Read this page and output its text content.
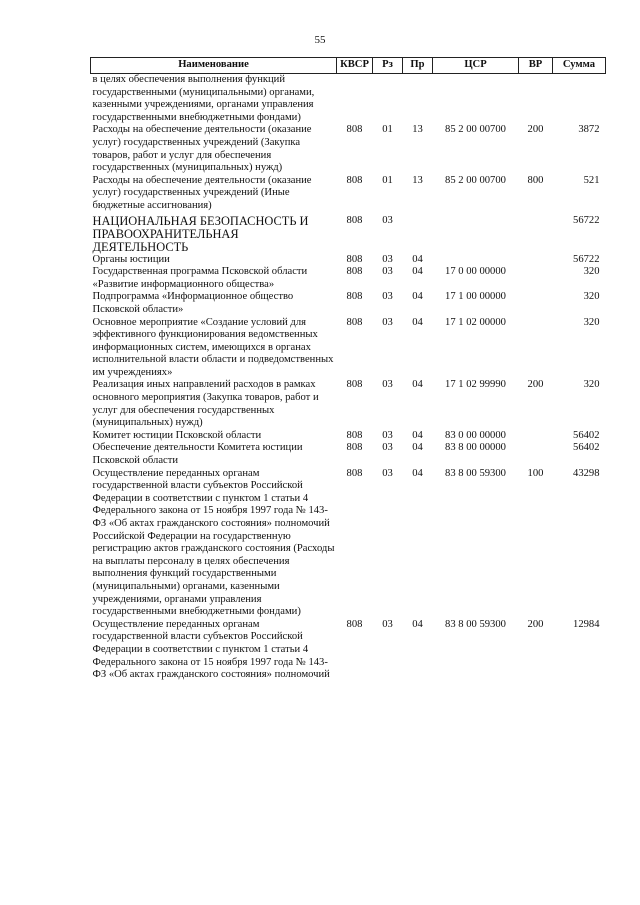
55
Наименование	КВСР	Рз	Пр	ЦСР	ВР	Сумма
в целях обеспечения выполнения функций государственными (муниципальными) органами, казенными учреждениями, органами управления государственными внебюджетными фондами)						
Расходы на обеспечение деятельности (оказание услуг) государственных учреждений (Закупка товаров, работ и услуг для обеспечения государственных (муниципальных) нужд)	808	01	13	85 2 00 00700	200	3872
Расходы на обеспечение деятельности (оказание услуг) государственных учреждений (Иные бюджетные ассигнования)	808	01	13	85 2 00 00700	800	521
НАЦИОНАЛЬНАЯ БЕЗОПАСНОСТЬ И ПРАВООХРАНИТЕЛЬНАЯ ДЕЯТЕЛЬНОСТЬ	808	03				56722
Органы юстиции	808	03	04			56722
Государственная программа Псковской области «Развитие информационного общества»	808	03	04	17 0 00 00000		320
Подпрограмма «Информационное общество Псковской области»	808	03	04	17 1 00 00000		320
Основное мероприятие «Создание условий для эффективного функционирования ведомственных информационных систем, имеющихся в органах исполнительной власти области и подведомственных им учреждениях»	808	03	04	17 1 02 00000		320
Реализация иных направлений расходов в рамках основного мероприятия (Закупка товаров, работ и услуг для обеспечения государственных (муниципальных) нужд)	808	03	04	17 1 02 99990	200	320
Комитет юстиции Псковской области	808	03	04	83 0 00 00000		56402
Обеспечение деятельности Комитета юстиции Псковской области	808	03	04	83 8 00 00000		56402
Осуществление переданных органам государственной власти субъектов Российской Федерации в соответствии с пунктом 1 статьи 4 Федерального закона от 15 ноября 1997 года № 143-ФЗ «Об актах гражданского состояния» полномочий Российской Федерации на государственную регистрацию актов гражданского состояния (Расходы на выплаты персоналу в целях обеспечения выполнения функций государственными (муниципальными) органами, казенными учреждениями, органами управления государственными внебюджетными фондами)	808	03	04	83 8 00 59300	100	43298
Осуществление переданных органам государственной власти субъектов Российской Федерации в соответствии с пунктом 1 статьи 4 Федерального закона от 15 ноября 1997 года № 143-ФЗ «Об актах гражданского состояния» полномочий	808	03	04	83 8 00 59300	200	12984
